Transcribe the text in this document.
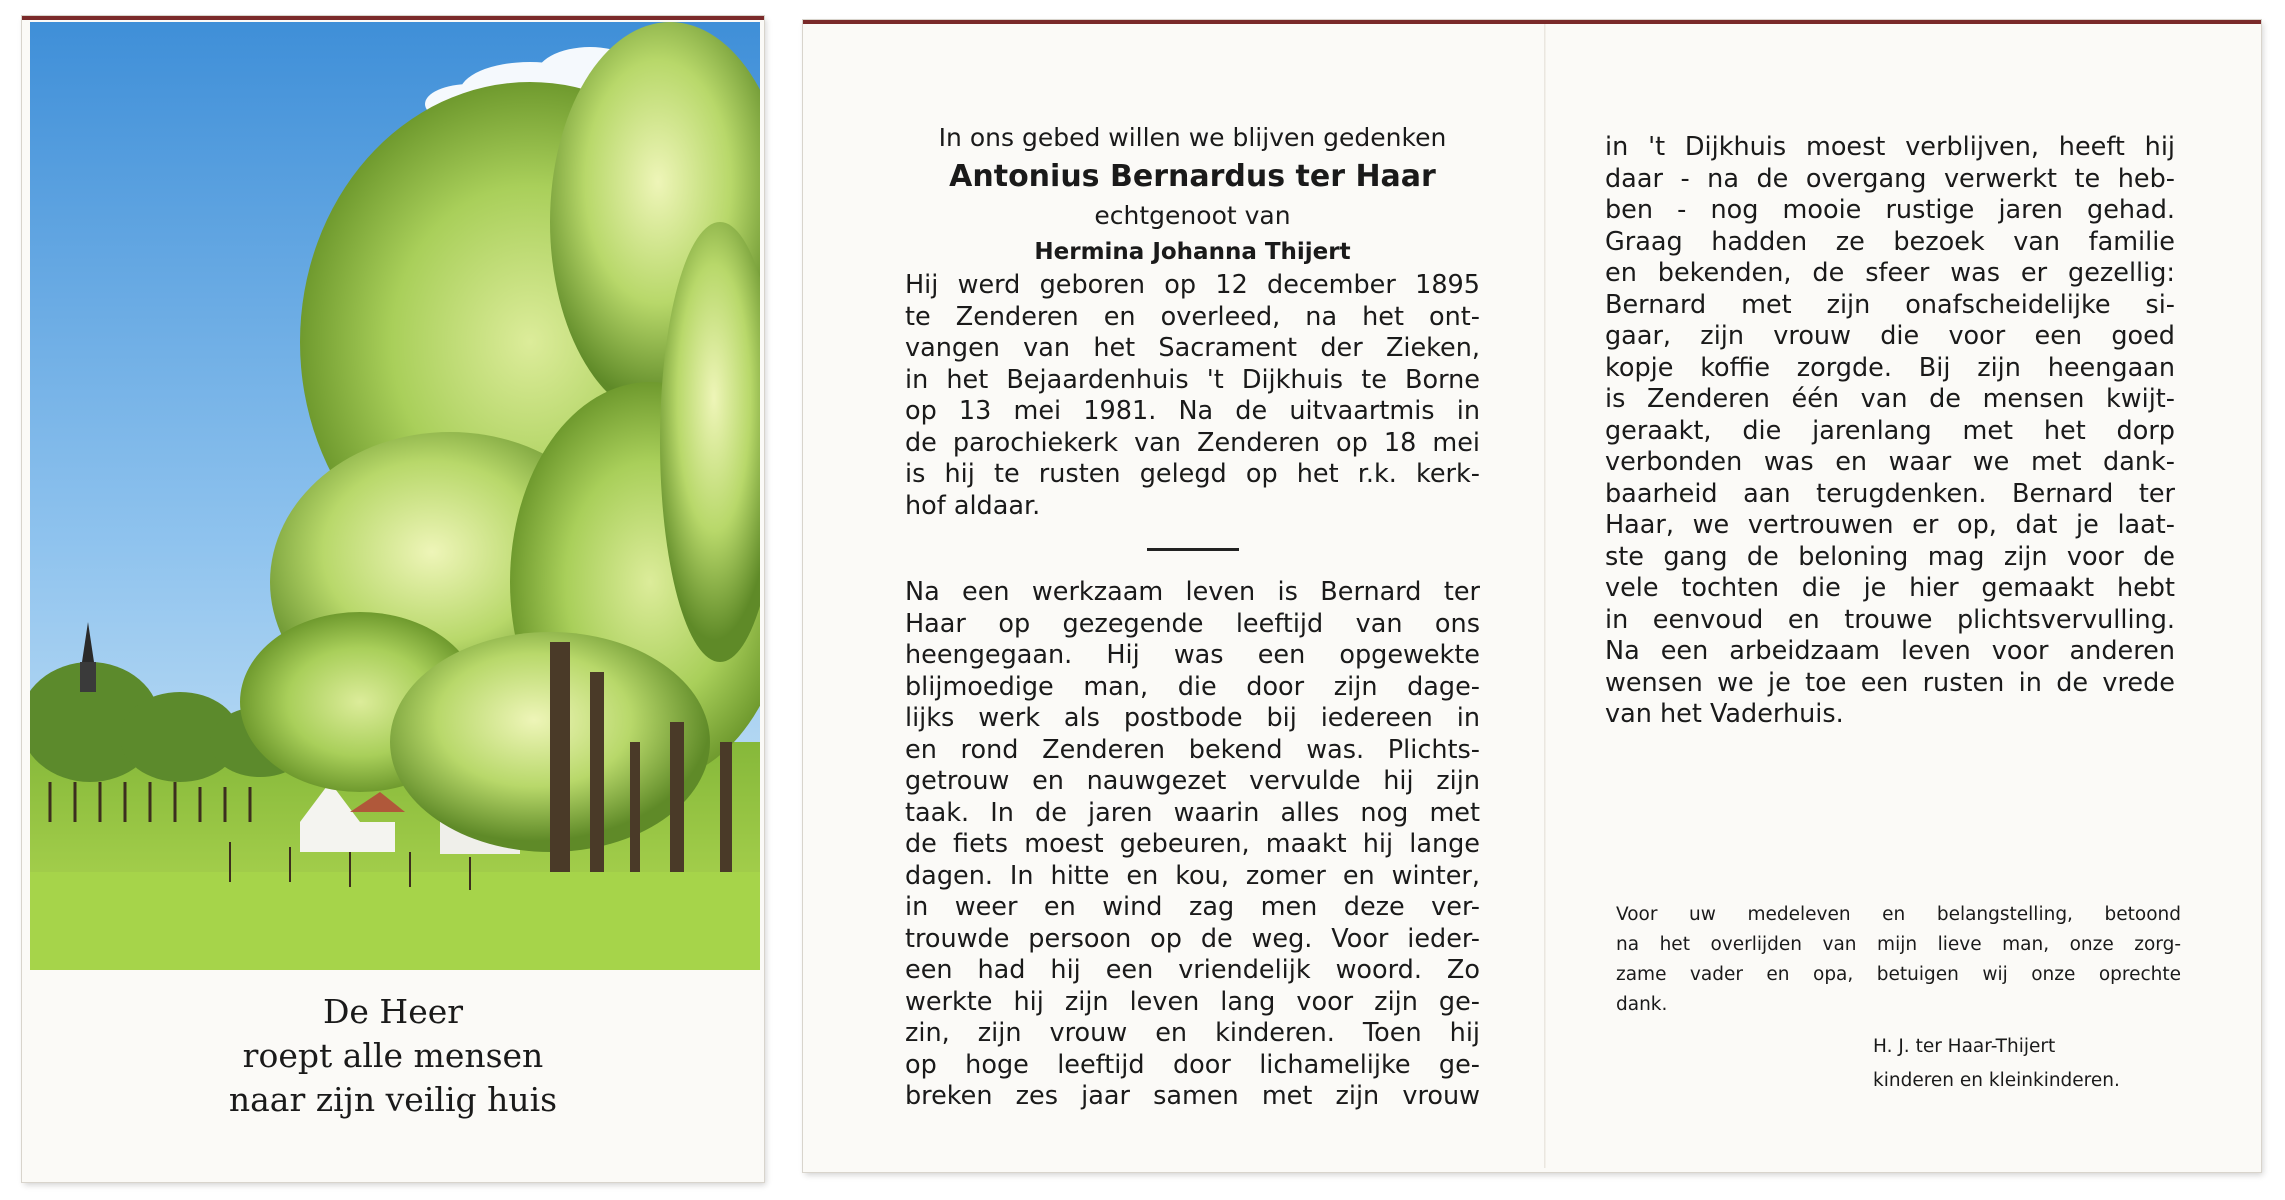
De Heer
roept alle mensen
naar zijn veilig huis
In ons gebed willen we blijven gedenken
Antonius Bernardus ter Haar
echtgenoot van
Hermina Johanna Thijert
Hij werd geboren op 12 december 1895
te Zenderen en overleed, na het ont-
vangen van het Sacrament der Zieken,
in het Bejaardenhuis 't Dijkhuis te Borne
op 13 mei 1981. Na de uitvaartmis in
de parochiekerk van Zenderen op 18 mei
is hij te rusten gelegd op het r.k. kerk-
hof aldaar.
Na een werkzaam leven is Bernard ter
Haar op gezegende leeftijd van ons
heengegaan. Hij was een opgewekte
blijmoedige man, die door zijn dage-
lijks werk als postbode bij iedereen in
en rond Zenderen bekend was. Plichts-
getrouw en nauwgezet vervulde hij zijn
taak. In de jaren waarin alles nog met
de fiets moest gebeuren, maakt hij lange
dagen. In hitte en kou, zomer en winter,
in weer en wind zag men deze ver-
trouwde persoon op de weg. Voor ieder-
een had hij een vriendelijk woord. Zo
werkte hij zijn leven lang voor zijn ge-
zin, zijn vrouw en kinderen. Toen hij
op hoge leeftijd door lichamelijke ge-
breken zes jaar samen met zijn vrouw
in 't Dijkhuis moest verblijven, heeft hij
daar - na de overgang verwerkt te heb-
ben - nog mooie rustige jaren gehad.
Graag hadden ze bezoek van familie
en bekenden, de sfeer was er gezellig:
Bernard met zijn onafscheidelijke si-
gaar, zijn vrouw die voor een goed
kopje koffie zorgde. Bij zijn heengaan
is Zenderen één van de mensen kwijt-
geraakt, die jarenlang met het dorp
verbonden was en waar we met dank-
baarheid aan terugdenken. Bernard ter
Haar, we vertrouwen er op, dat je laat-
ste gang de beloning mag zijn voor de
vele tochten die je hier gemaakt hebt
in eenvoud en trouwe plichtsvervulling.
Na een arbeidzaam leven voor anderen
wensen we je toe een rusten in de vrede
van het Vaderhuis.
Voor uw medeleven en belangstelling, betoond
na het overlijden van mijn lieve man, onze zorg-
zame vader en opa, betuigen wij onze oprechte
dank.
H. J. ter Haar-Thijert
kinderen en kleinkinderen.
